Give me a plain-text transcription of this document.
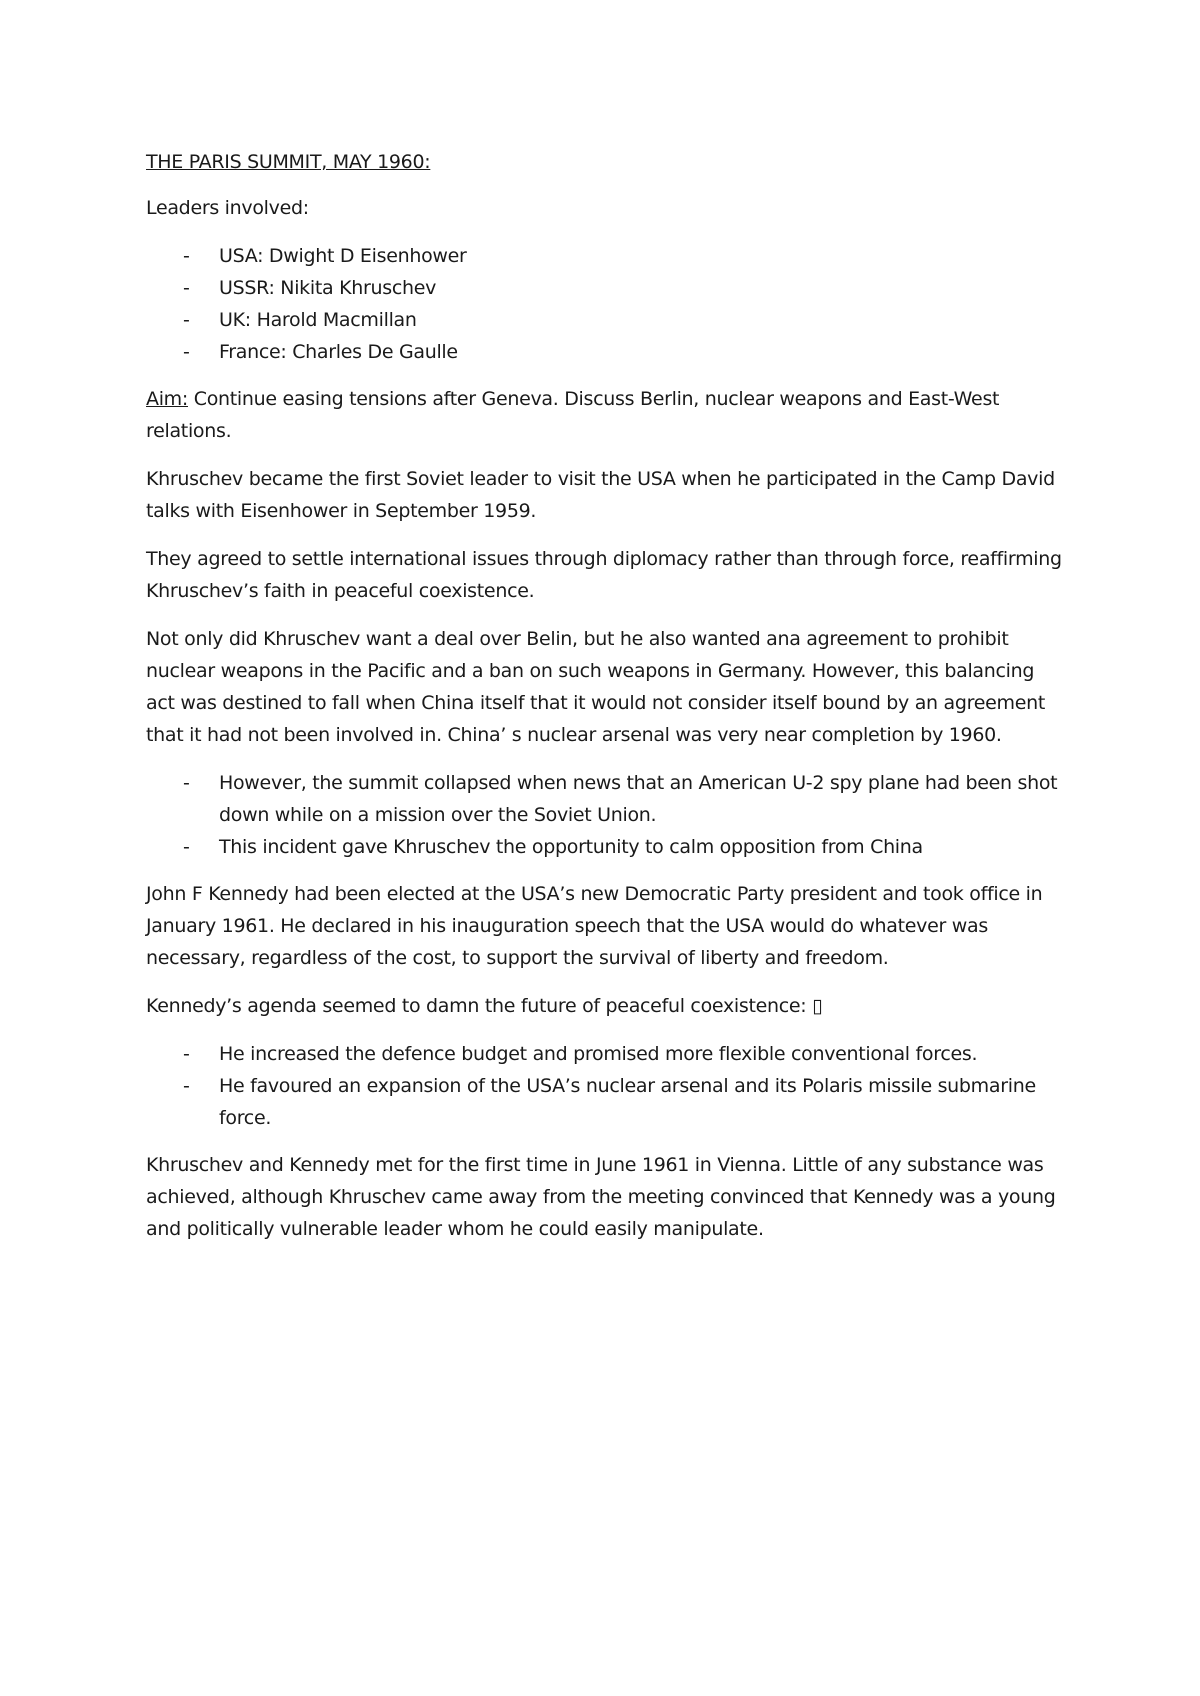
THE PARIS SUMMIT, MAY 1960:

Leaders involved:

- USA: Dwight D Eisenhower
- USSR: Nikita Khruschev
- UK: Harold Macmillan
- France: Charles De Gaulle

Aim: Continue easing tensions after Geneva. Discuss Berlin, nuclear weapons and East-West relations.

Khruschev became the first Soviet leader to visit the USA when he participated in the Camp David talks with Eisenhower in September 1959.

They agreed to settle international issues through diplomacy rather than through force, reaffirming Khruschev’s faith in peaceful coexistence.

Not only did Khruschev want a deal over Belin, but he also wanted ana agreement to prohibit nuclear weapons in the Pacific and a ban on such weapons in Germany. However, this balancing act was destined to fall when China itself that it would not consider itself bound by an agreement that it had not been involved in. China’ s nuclear arsenal was very near completion by 1960.

- However, the summit collapsed when news that an American U-2 spy plane had been shot down while on a mission over the Soviet Union.
- This incident gave Khruschev the opportunity to calm opposition from China

John F Kennedy had been elected at the USA’s new Democratic Party president and took office in January 1961. He declared in his inauguration speech that the USA would do whatever was necessary, regardless of the cost, to support the survival of liberty and freedom.

Kennedy’s agenda seemed to damn the future of peaceful coexistence: ▯

- He increased the defence budget and promised more flexible conventional forces.
- He favoured an expansion of the USA’s nuclear arsenal and its Polaris missile submarine force.

Khruschev and Kennedy met for the first time in June 1961 in Vienna. Little of any substance was achieved, although Khruschev came away from the meeting convinced that Kennedy was a young and politically vulnerable leader whom he could easily manipulate.
